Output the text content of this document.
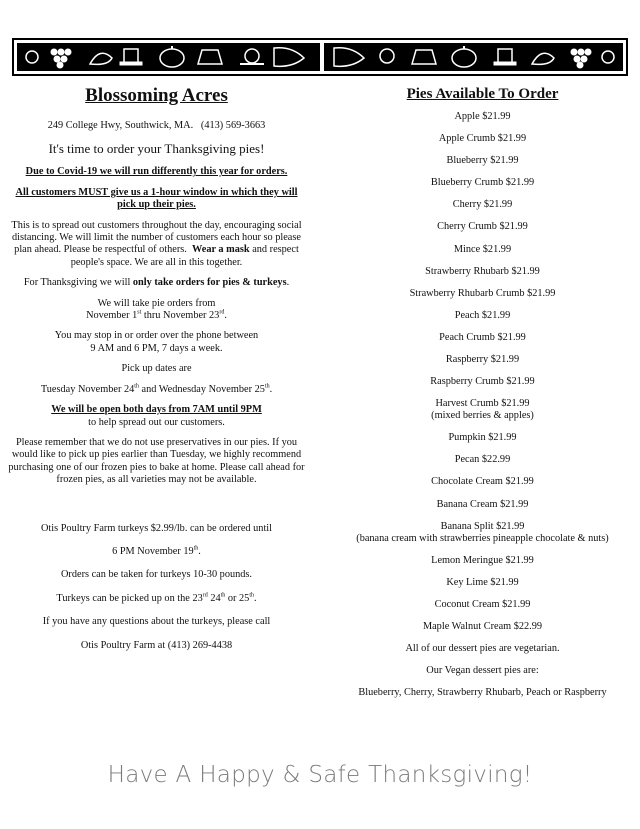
Blossoming Acres
249 College Hwy, Southwick, MA. (413) 569-3663
It's time to order your Thanksgiving pies!
Due to Covid-19 we will run differently this year for orders.
All customers MUST give us a 1-hour window in which they will pick up their pies.
This is to spread out customers throughout the day, encouraging social distancing. We will limit the number of customers each hour so please plan ahead. Please be respectful of others. Wear a mask and respect people's space. We are all in this together.
For Thanksgiving we will only take orders for pies & turkeys.
We will take pie orders from
November 1st thru November 23rd.
You may stop in or order over the phone between
9 AM and 6 PM, 7 days a week.
Pick up dates are
Tuesday November 24th and Wednesday November 25th.
We will be open both days from 7AM until 9PM
to help spread out our customers.
Please remember that we do not use preservatives in our pies. If you would like to pick up pies earlier than Tuesday, we highly recommend purchasing one of our frozen pies to bake at home. Please call ahead for frozen pies, as all varieties may not be available.
Otis Poultry Farm turkeys $2.99/lb. can be ordered until
6 PM November 19th.
Orders can be taken for turkeys 10-30 pounds.
Turkeys can be picked up on the 23rd 24th or 25th.
If you have any questions about the turkeys, please call
Otis Poultry Farm at (413) 269-4438
Pies Available To Order
Apple $21.99
Apple Crumb $21.99
Blueberry $21.99
Blueberry Crumb $21.99
Cherry $21.99
Cherry Crumb $21.99
Mince $21.99
Strawberry Rhubarb $21.99
Strawberry Rhubarb Crumb $21.99
Peach $21.99
Peach Crumb $21.99
Raspberry $21.99
Raspberry Crumb $21.99
Harvest Crumb $21.99
(mixed berries & apples)
Pumpkin $21.99
Pecan $22.99
Chocolate Cream $21.99
Banana Cream $21.99
Banana Split $21.99
(banana cream with strawberries pineapple chocolate & nuts)
Lemon Meringue $21.99
Key Lime $21.99
Coconut Cream $21.99
Maple Walnut Cream $22.99
All of our dessert pies are vegetarian.
Our Vegan dessert pies are:
Blueberry, Cherry, Strawberry Rhubarb, Peach or Raspberry
Have A Happy & Safe Thanksgiving!
